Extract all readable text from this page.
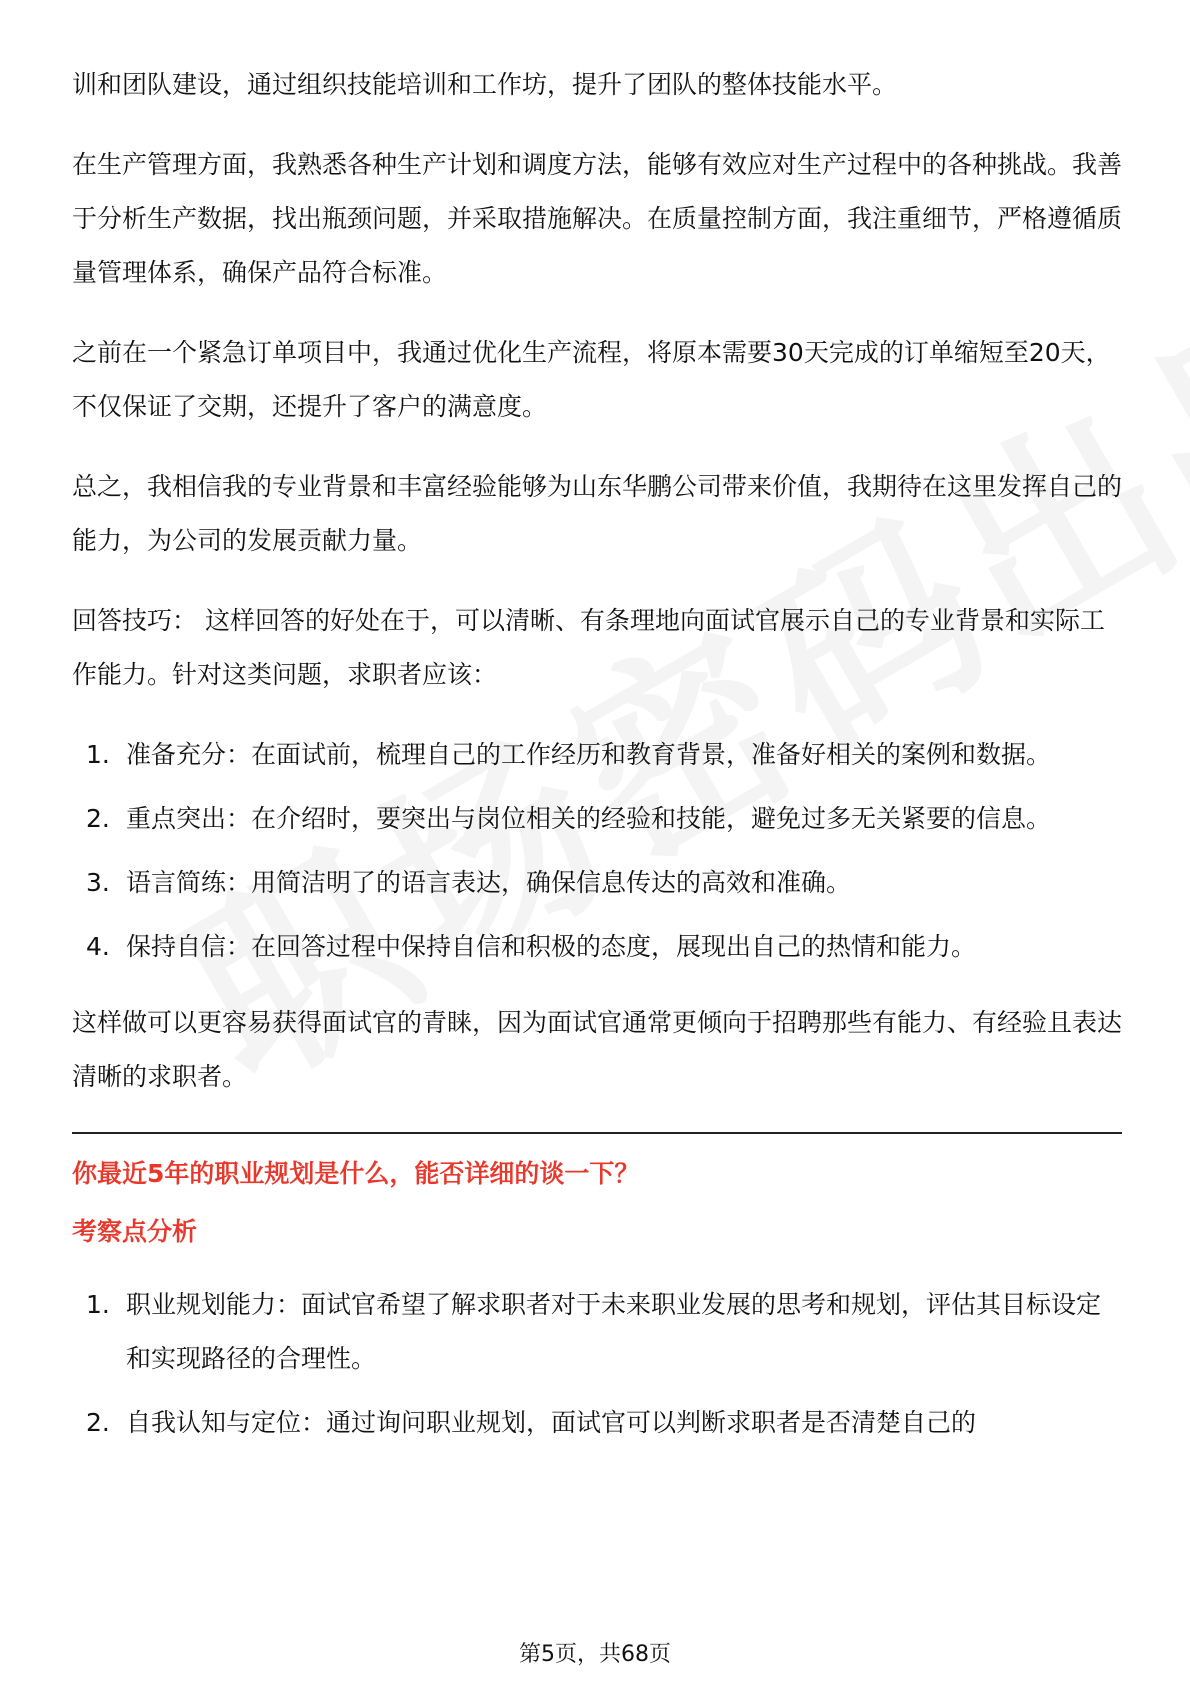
训和团队建设，通过组织技能培训和工作坊，提升了团队的整体技能水平。

在生产管理方面，我熟悉各种生产计划和调度方法，能够有效应对生产过程中的各种挑战。我善于分析生产数据，找出瓶颈问题，并采取措施解决。在质量控制方面，我注重细节，严格遵循质量管理体系，确保产品符合标准。

之前在一个紧急订单项目中，我通过优化生产流程，将原本需要30天完成的订单缩短至20天，不仅保证了交期，还提升了客户的满意度。

总之，我相信我的专业背景和丰富经验能够为山东华鹏公司带来价值，我期待在这里发挥自己的能力，为公司的发展贡献力量。

回答技巧： 这样回答的好处在于，可以清晰、有条理地向面试官展示自己的专业背景和实际工作能力。针对这类问题，求职者应该：

1. 准备充分：在面试前，梳理自己的工作经历和教育背景，准备好相关的案例和数据。
2. 重点突出：在介绍时，要突出与岗位相关的经验和技能，避免过多无关紧要的信息。
3. 语言简练：用简洁明了的语言表达，确保信息传达的高效和准确。
4. 保持自信：在回答过程中保持自信和积极的态度，展现出自己的热情和能力。

这样做可以更容易获得面试官的青睐，因为面试官通常更倾向于招聘那些有能力、有经验且表达清晰的求职者。

你最近5年的职业规划是什么，能否详细的谈一下？
考察点分析
1. 职业规划能力：面试官希望了解求职者对于未来职业发展的思考和规划，评估其目标设定和实现路径的合理性。
2. 自我认知与定位：通过询问职业规划，面试官可以判断求职者是否清楚自己的
第5页，共68页
